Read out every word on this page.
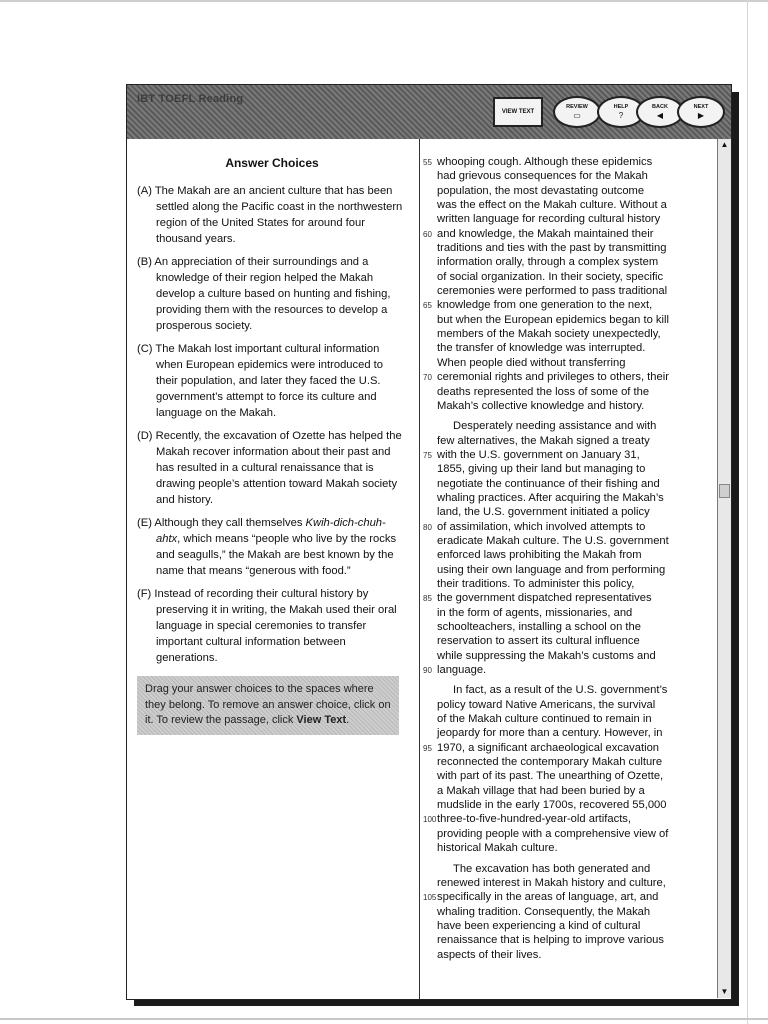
IBT TOEFL Reading
VIEW TEXT
REVIEW
▭
HELP
?
BACK
◀
NEXT
▶
Answer Choices
(A) The Makah are an ancient culture that has been settled along the Pacific coast in the northwestern region of the United States for around four thousand years.
(B) An appreciation of their surroundings and a knowledge of their region helped the Makah develop a culture based on hunting and fishing, providing them with the resources to develop a prosperous society.
(C) The Makah lost important cultural information when European epidemics were introduced to their population, and later they faced the U.S. government’s attempt to force its culture and language on the Makah.
(D) Recently, the excavation of Ozette has helped the Makah recover information about their past and has resulted in a cultural renaissance that is drawing people’s attention toward Makah society and history.
(E) Although they call themselves Kwih-dich-chuh-ahtx, which means “people who live by the rocks and seagulls,” the Makah are best known by the name that means “generous with food.”
(F) Instead of recording their cultural history by preserving it in writing, the Makah used their oral language in special ceremonies to transfer important cultural information between generations.
Drag your answer choices to the spaces where they belong. To remove an answer choice, click on it. To review the passage, click View Text.
55 whooping cough. Although these epidemics
had grievous consequences for the Makah
population, the most devastating outcome
was the effect on the Makah culture. Without a
written language for recording cultural history
60 and knowledge, the Makah maintained their
traditions and ties with the past by transmitting
information orally, through a complex system
of social organization. In their society, specific
ceremonies were performed to pass traditional
65 knowledge from one generation to the next,
but when the European epidemics began to kill
members of the Makah society unexpectedly,
the transfer of knowledge was interrupted.
When people died without transferring
70 ceremonial rights and privileges to others, their
deaths represented the loss of some of the
Makah’s collective knowledge and history.
Desperately needing assistance and with
few alternatives, the Makah signed a treaty
75 with the U.S. government on January 31,
1855, giving up their land but managing to
negotiate the continuance of their fishing and
whaling practices. After acquiring the Makah’s
land, the U.S. government initiated a policy
80 of assimilation, which involved attempts to
eradicate Makah culture. The U.S. government
enforced laws prohibiting the Makah from
using their own language and from performing
their traditions. To administer this policy,
85 the government dispatched representatives
in the form of agents, missionaries, and
schoolteachers, installing a school on the
reservation to assert its cultural influence
while suppressing the Makah’s customs and
90 language.
In fact, as a result of the U.S. government’s
policy toward Native Americans, the survival
of the Makah culture continued to remain in
jeopardy for more than a century. However, in
95 1970, a significant archaeological excavation
reconnected the contemporary Makah culture
with part of its past. The unearthing of Ozette,
a Makah village that had been buried by a
mudslide in the early 1700s, recovered 55,000
100 three-to-five-hundred-year-old artifacts,
providing people with a comprehensive view of
historical Makah culture.
The excavation has both generated and
renewed interest in Makah history and culture,
105 specifically in the areas of language, art, and
whaling tradition. Consequently, the Makah
have been experiencing a kind of cultural
renaissance that is helping to improve various
aspects of their lives.
▲
▼
